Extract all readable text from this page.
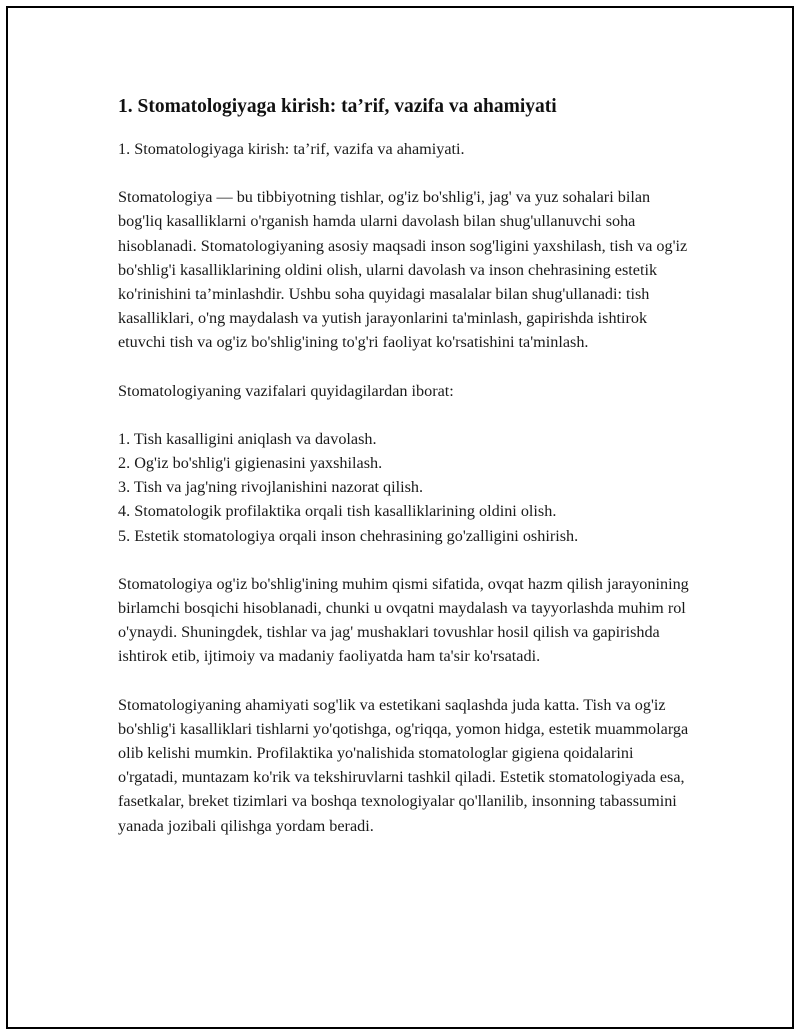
1. Stomatologiyaga kirish: ta’rif, vazifa va ahamiyati

1. Stomatologiyaga kirish: ta’rif, vazifa va ahamiyati.

Stomatologiya — bu tibbiyotning tishlar, og'iz bo'shlig'i, jag' va yuz sohalari bilan bog'liq kasalliklarni o'rganish hamda ularni davolash bilan shug'ullanuvchi soha hisoblanadi. Stomatologiyaning asosiy maqsadi inson sog'ligini yaxshilash, tish va og'iz bo'shlig'i kasalliklarining oldini olish, ularni davolash va inson chehrasining estetik ko'rinishini ta’minlashdir. Ushbu soha quyidagi masalalar bilan shug'ullanadi: tish kasalliklari, o'ng maydalash va yutish jarayonlarini ta'minlash, gapirishda ishtirok etuvchi tish va og'iz bo'shlig'ining to'g'ri faoliyat ko'rsatishini ta'minlash.

Stomatologiyaning vazifalari quyidagilardan iborat:

1. Tish kasalligini aniqlash va davolash.
2. Og'iz bo'shlig'i gigienasini yaxshilash.
3. Tish va jag'ning rivojlanishini nazorat qilish.
4. Stomatologik profilaktika orqali tish kasalliklarining oldini olish.
5. Estetik stomatologiya orqali inson chehrasining go'zalligini oshirish.

Stomatologiya og'iz bo'shlig'ining muhim qismi sifatida, ovqat hazm qilish jarayonining birlamchi bosqichi hisoblanadi, chunki u ovqatni maydalash va tayyorlashda muhim rol o'ynaydi. Shuningdek, tishlar va jag' mushaklari tovushlar hosil qilish va gapirishda ishtirok etib, ijtimoiy va madaniy faoliyatda ham ta'sir ko'rsatadi.

Stomatologiyaning ahamiyati sog'lik va estetikani saqlashda juda katta. Tish va og'iz bo'shlig'i kasalliklari tishlarni yo'qotishga, og'riqqa, yomon hidga, estetik muammolarga olib kelishi mumkin. Profilaktika yo'nalishida stomatologlar gigiena qoidalarini o'rgatadi, muntazam ko'rik va tekshiruvlarni tashkil qiladi. Estetik stomatologiyada esa, fasetkalar, breket tizimlari va boshqa texnologiyalar qo'llanilib, insonning tabassumini yanada jozibali qilishga yordam beradi.
